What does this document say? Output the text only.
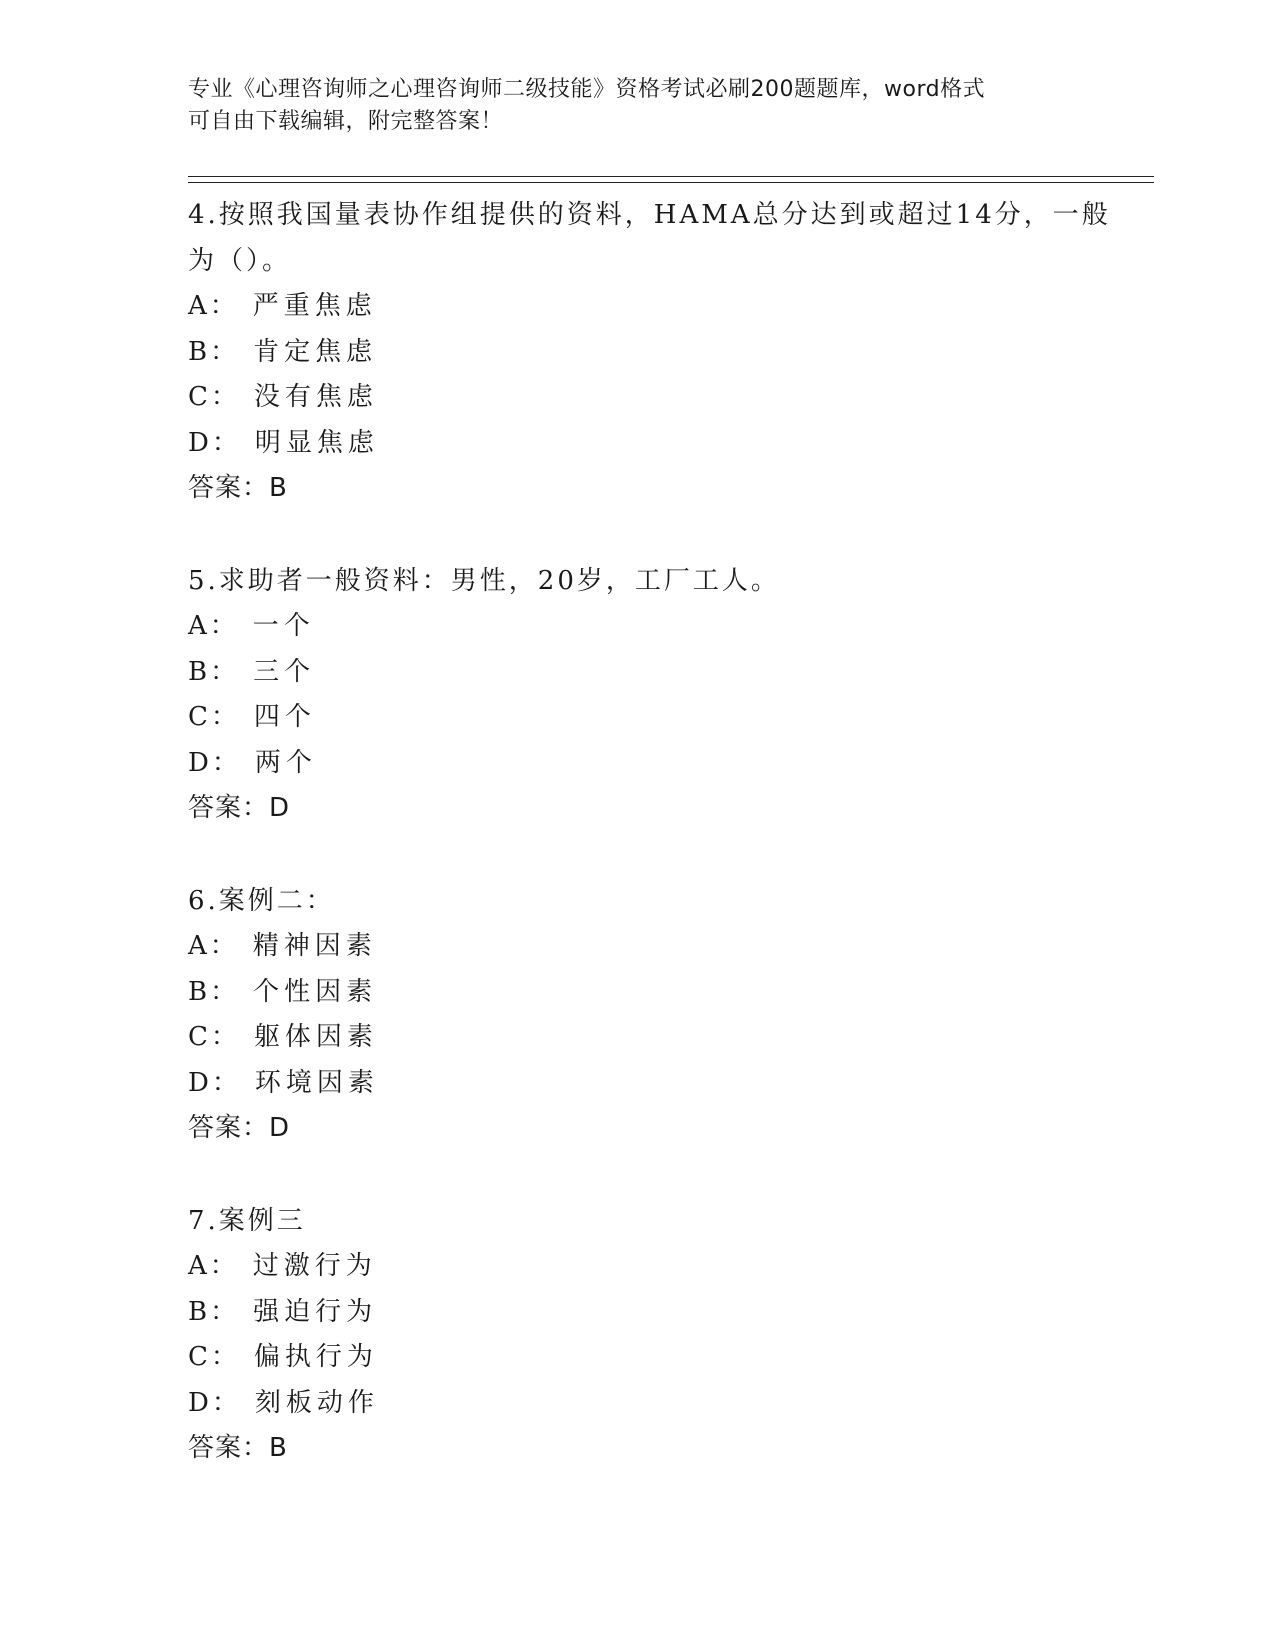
专业《心理咨询师之心理咨询师二级技能》资格考试必刷200题题库，word格式
可自由下载编辑，附完整答案！
4.按照我国量表协作组提供的资料，HAMA总分达到或超过14分，一般
为（）。
A： 严重焦虑
B： 肯定焦虑
C： 没有焦虑
D： 明显焦虑
答案：B
5.求助者一般资料：男性，20岁，工厂工人。
A： 一个
B： 三个
C： 四个
D： 两个
答案：D
6.案例二：
A： 精神因素
B： 个性因素
C： 躯体因素
D： 环境因素
答案：D
7.案例三
A： 过激行为
B： 强迫行为
C： 偏执行为
D： 刻板动作
答案：B
